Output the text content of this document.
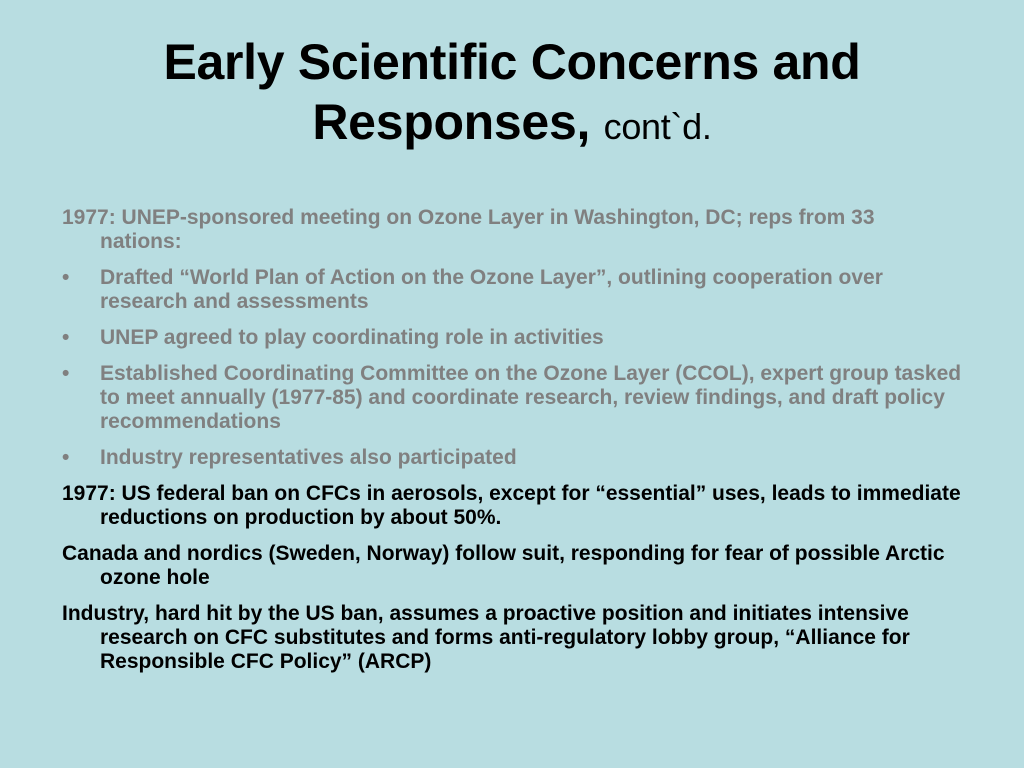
Early Scientific Concerns and
Responses, cont`d.

1977: UNEP-sponsored meeting on Ozone Layer in Washington, DC; reps from 33 nations:

•	Drafted “World Plan of Action on the Ozone Layer”, outlining cooperation over research and assessments
•	UNEP agreed to play coordinating role in activities
•	Established Coordinating Committee on the Ozone Layer (CCOL), expert group tasked to meet annually (1977-85) and coordinate research, review findings, and draft policy recommendations
•	Industry representatives also participated

1977: US federal ban on CFCs in aerosols, except for “essential” uses, leads to immediate reductions on production by about 50%.

Canada and nordics (Sweden, Norway) follow suit, responding for fear of possible Arctic ozone hole

Industry, hard hit by the US ban, assumes a proactive position and initiates intensive research on CFC substitutes and forms anti-regulatory lobby group, “Alliance for Responsible CFC Policy” (ARCP)
